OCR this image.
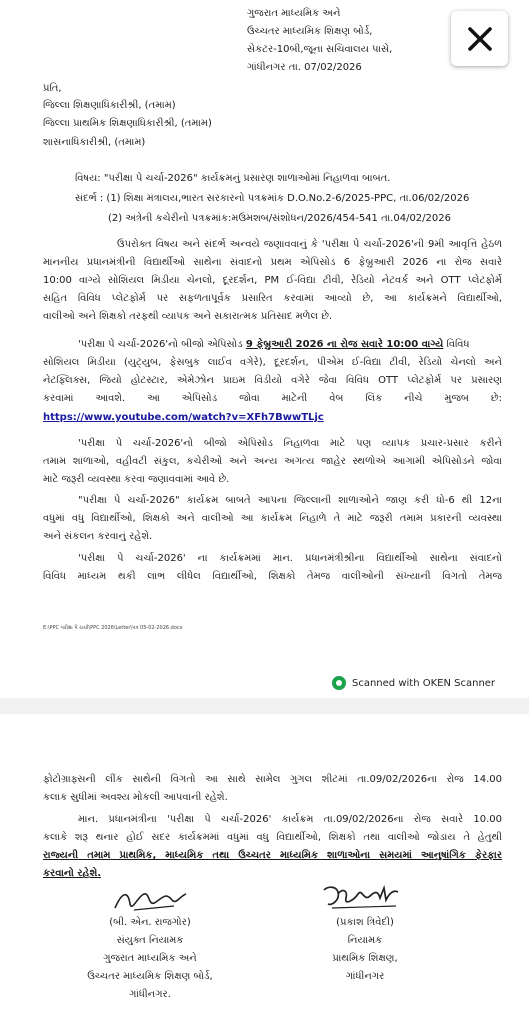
ગુજરાત માધ્યમિક અને
ઉચ્ચતર માધ્યમિક શિક્ષણ બોર્ડ,
સેકટર-10બી,જૂના સચિવાલય પાસે,
ગાંધીનગર તા. 07/02/2026
પ્રતિ,
જિલ્લા શિક્ષણાધિકારીશ્રી, (તમામ)
જિલ્લા પ્રાથમિક શિક્ષણાધિકારીશ્રી, (તમામ)
શાસનાધિકારીશ્રી, (તમામ)
વિષય: "પરીક્ષા પે ચર્ચા-2026" કાર્યક્રમનું પ્રસારણ શાળાઓમાં નિહાળવા બાબત.
સંદર્ભ : (1) શિક્ષા મંત્રાલય,ભારત સરકારનો પત્રક્રમાંક D.O.No.2-6/2025-PPC, તા.06/02/2026
(2) અત્રેની કચેરીનો પત્રક્રમાંક:મઉમશબ/સંશોધન/2026/454-541 તા.04/02/2026
ઉપરોક્ત વિષય અને સંદર્ભ અન્વયે જણાવવાનું કે 'પરીક્ષા પે ચર્ચા-2026'ની 9મી આવૃત્તિ હેઠળ
માનનીય પ્રધાનમંત્રીની વિદ્યાર્થીઓ સાથેના સંવાદનો પ્રથમ એપિસોડ 6 ફેબ્રુઆરી 2026 ના રોજ સવારે
10:00 વાગ્યે સોશિયલ મિડીયા ચેનલો, દૂરદર્શન, PM ઈ-વિદ્યા ટીવી, રેડિયો નેટવર્ક અને OTT પ્લેટફોર્મ
સહિત વિવિધ પ્લેટફોર્મ પર સફળતાપૂર્વક પ્રસારિત કરવામાં આવ્યો છે, આ કાર્યક્રમને વિદ્યાર્થીઓ,
વાલીઓ અને શિક્ષકો તરફથી વ્યાપક અને સકારાત્મક પ્રતિસાદ મળેલ છે.
'પરીક્ષા પે ચર્ચા-2026'નો બીજો એપિસોડ 9 ફેબ્રુઆરી 2026 ના રોજ સવારે 10:00 વાગ્યે વિવિધ
સોશિયલ મિડીયા (યુટ્યુબ, ફેસબુક લાઈવ વગેરે), દૂરદર્શન, પીએમ ઈ-વિદ્યા ટીવી, રેડિયો ચેનલો અને
નેટફ્લિક્સ, જિયો હોટસ્ટાર, એમેઝોન પ્રાઇમ વિડીયો વગેરે જેવા વિવિધ OTT પ્લેટફોર્મ પર પ્રસારણ
કરવામાં આવશે. આ એપિસોડ જોવા માટેની વેબ લિંક નીચે મુજબ છે:
https://www.youtube.com/watch?v=XFh7BwwTLjc
'પરીક્ષા પે ચર્ચા-2026'નો બીજો એપિસોડ નિહાળવા માટે પણ વ્યાપક પ્રચાર-પ્રસાર કરીને
તમામ શાળાઓ, વહીવટી સંકુલ, કચેરીઓ અને અન્ય અગત્ય જાહેર સ્થળોએ આગામી એપિસોડને જોવા
માટે જરૂરી વ્યવસ્થા કરવા જણાવવામાં આવે છે.
"પરીક્ષા પે ચર્ચા-2026" કાર્યક્રમ બાબતે આપના જિલ્લાની શાળાઓને જાણ કરી ધો-6 થી 12ના
વધુમાં વધુ વિદ્યાર્થીઓ, શિક્ષકો અને વાલીઓ આ કાર્યક્રમ નિહાળે તે માટે જરૂરી તમામ પ્રકારની વ્યવસ્થા
અને સંકલન કરવાનું રહેશે.
'પરીક્ષા પે ચર્ચા-2026' ના કાર્યક્રમમાં માન. પ્રધાનમંત્રીશ્રીના વિદ્યાર્થીઓ સાથેના સંવાદનો
વિવિધ માધ્યમ થકી લાભ લીધેલ વિદ્યાર્થીઓ, શિક્ષકો તેમજ વાલીઓની સંખ્યાની વિગતો તેમજ
E:\PPC પરીક્ષા પે ચર્ચા\PPC 2026\Letter\પત્ર 05-02-2026.docx
Scanned with OKEN Scanner
ફોટોગ્રાફ્સની લીંક સાથેની વિગતો આ સાથે સામેલ ગુગલ શીટમાં તા.09/02/2026ના રોજ 14.00
કલાક સુધીમાં અવશ્ય મોકલી આપવાની રહેશે.
માન. પ્રધાનમંત્રીના 'પરીક્ષા પે ચર્ચા-2026' કાર્યક્રમ તા.09/02/2026ના રોજ સવારે 10.00
કલાકે શરૂ થનાર હોઈ સદર કાર્યક્રમમાં વધુમાં વધુ વિદ્યાર્થીઓ, શિક્ષકો તથા વાલીઓ જોડાય તે હેતુથી
રાજ્યની તમામ પ્રાથમિક, માધ્યમિક તથા ઉચ્ચતર માધ્યમિક શાળાઓના સમયમાં આનુષાંગિક ફેરફાર
કરવાનો રહેશે.
(બી. એન. રાજગોર)
સંયુક્ત નિયામક
ગુજરાત માધ્યમિક અને
ઉચ્ચતર માધ્યમિક શિક્ષણ બોર્ડ,
ગાંધીનગર.
(પ્રકાશ ત્રિવેદી)
નિયામક
પ્રાથમિક શિક્ષણ,
ગાંધીનગર
